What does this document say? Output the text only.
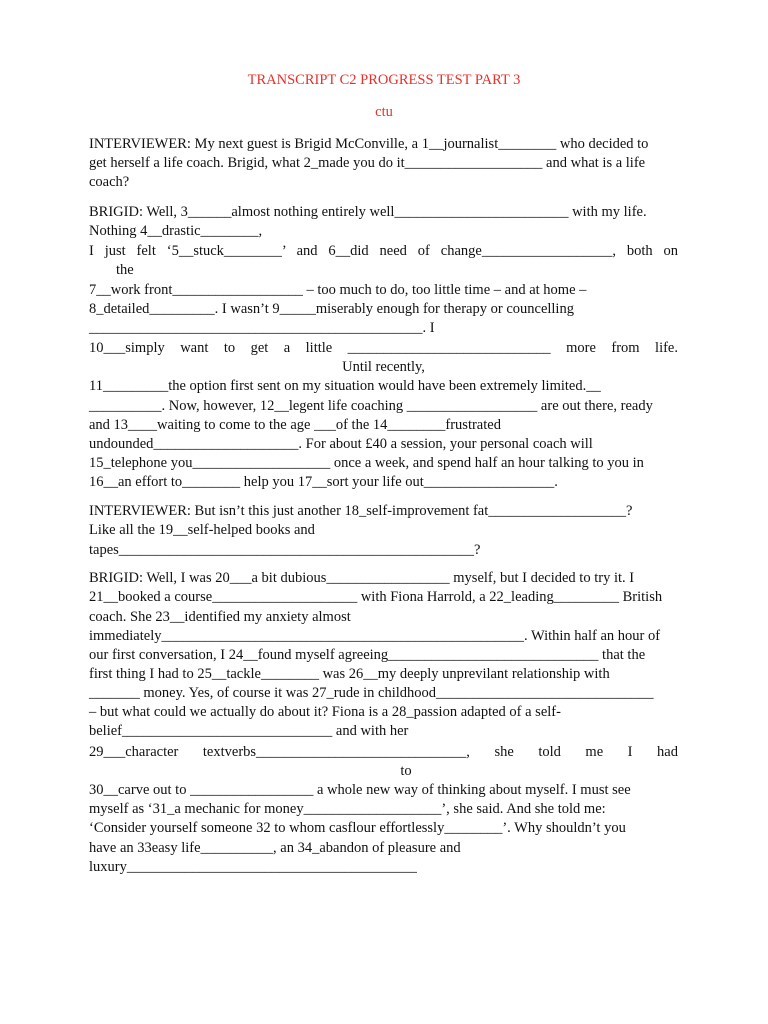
TRANSCRIPT C2 PROGRESS TEST PART 3
ctu
INTERVIEWER: My next guest is Brigid McConville, a 1__journalist________ who decided to
get herself a life coach. Brigid, what 2_made you do it___________________ and what is a life
coach?
BRIGID: Well, 3______almost nothing entirely well________________________ with my life.
Nothing 4__drastic________,
I just felt ‘5__stuck________’ and 6__did need of change__________________, both on
the
7__work front__________________ – too much to do, too little time – and at home –
8_detailed_________. I wasn’t 9_____miserably enough for therapy or councelling
______________________________________________. I
10___simply want to get a little ____________________________ more from life.
Until recently,
11_________the option first sent on my situation would have been extremely limited.__
__________. Now, however, 12__legent life coaching __________________ are out there, ready
and 13____waiting to come to the age ___of the 14________frustrated
undounded____________________. For about £40 a session, your personal coach will
15_telephone you___________________ once a week, and spend half an hour talking to you in
16__an effort to________ help you 17__sort your life out__________________.
INTERVIEWER: But isn’t this just another 18_self-improvement fat___________________?
Like all the 19__self-helped books and
tapes_________________________________________________?
BRIGID: Well, I was 20___a bit dubious_________________ myself, but I decided to try it. I
21__booked a course____________________ with Fiona Harrold, a 22_leading_________ British
coach. She 23__identified my anxiety almost
immediately__________________________________________________. Within half an hour of
our first conversation, I 24__found myself agreeing_____________________________ that the
first thing I had to 25__tackle________ was 26__my deeply unprevilant relationship with
_______ money. Yes, of course it was 27_rude in childhood______________________________
– but what could we actually do about it? Fiona is a 28_passion adapted of a self-
belief_____________________________ and with her
29___character textverbs_____________________________, she told me I had
to
30__carve out to _________________ a whole new way of thinking about myself. I must see
myself as ‘31_a mechanic for money___________________’, she said. And she told me:
‘Consider yourself someone 32 to whom casflour effortlessly________’. Why shouldn’t you
have an 33easy life__________, an 34_abandon of pleasure and
luxury________________________________________
